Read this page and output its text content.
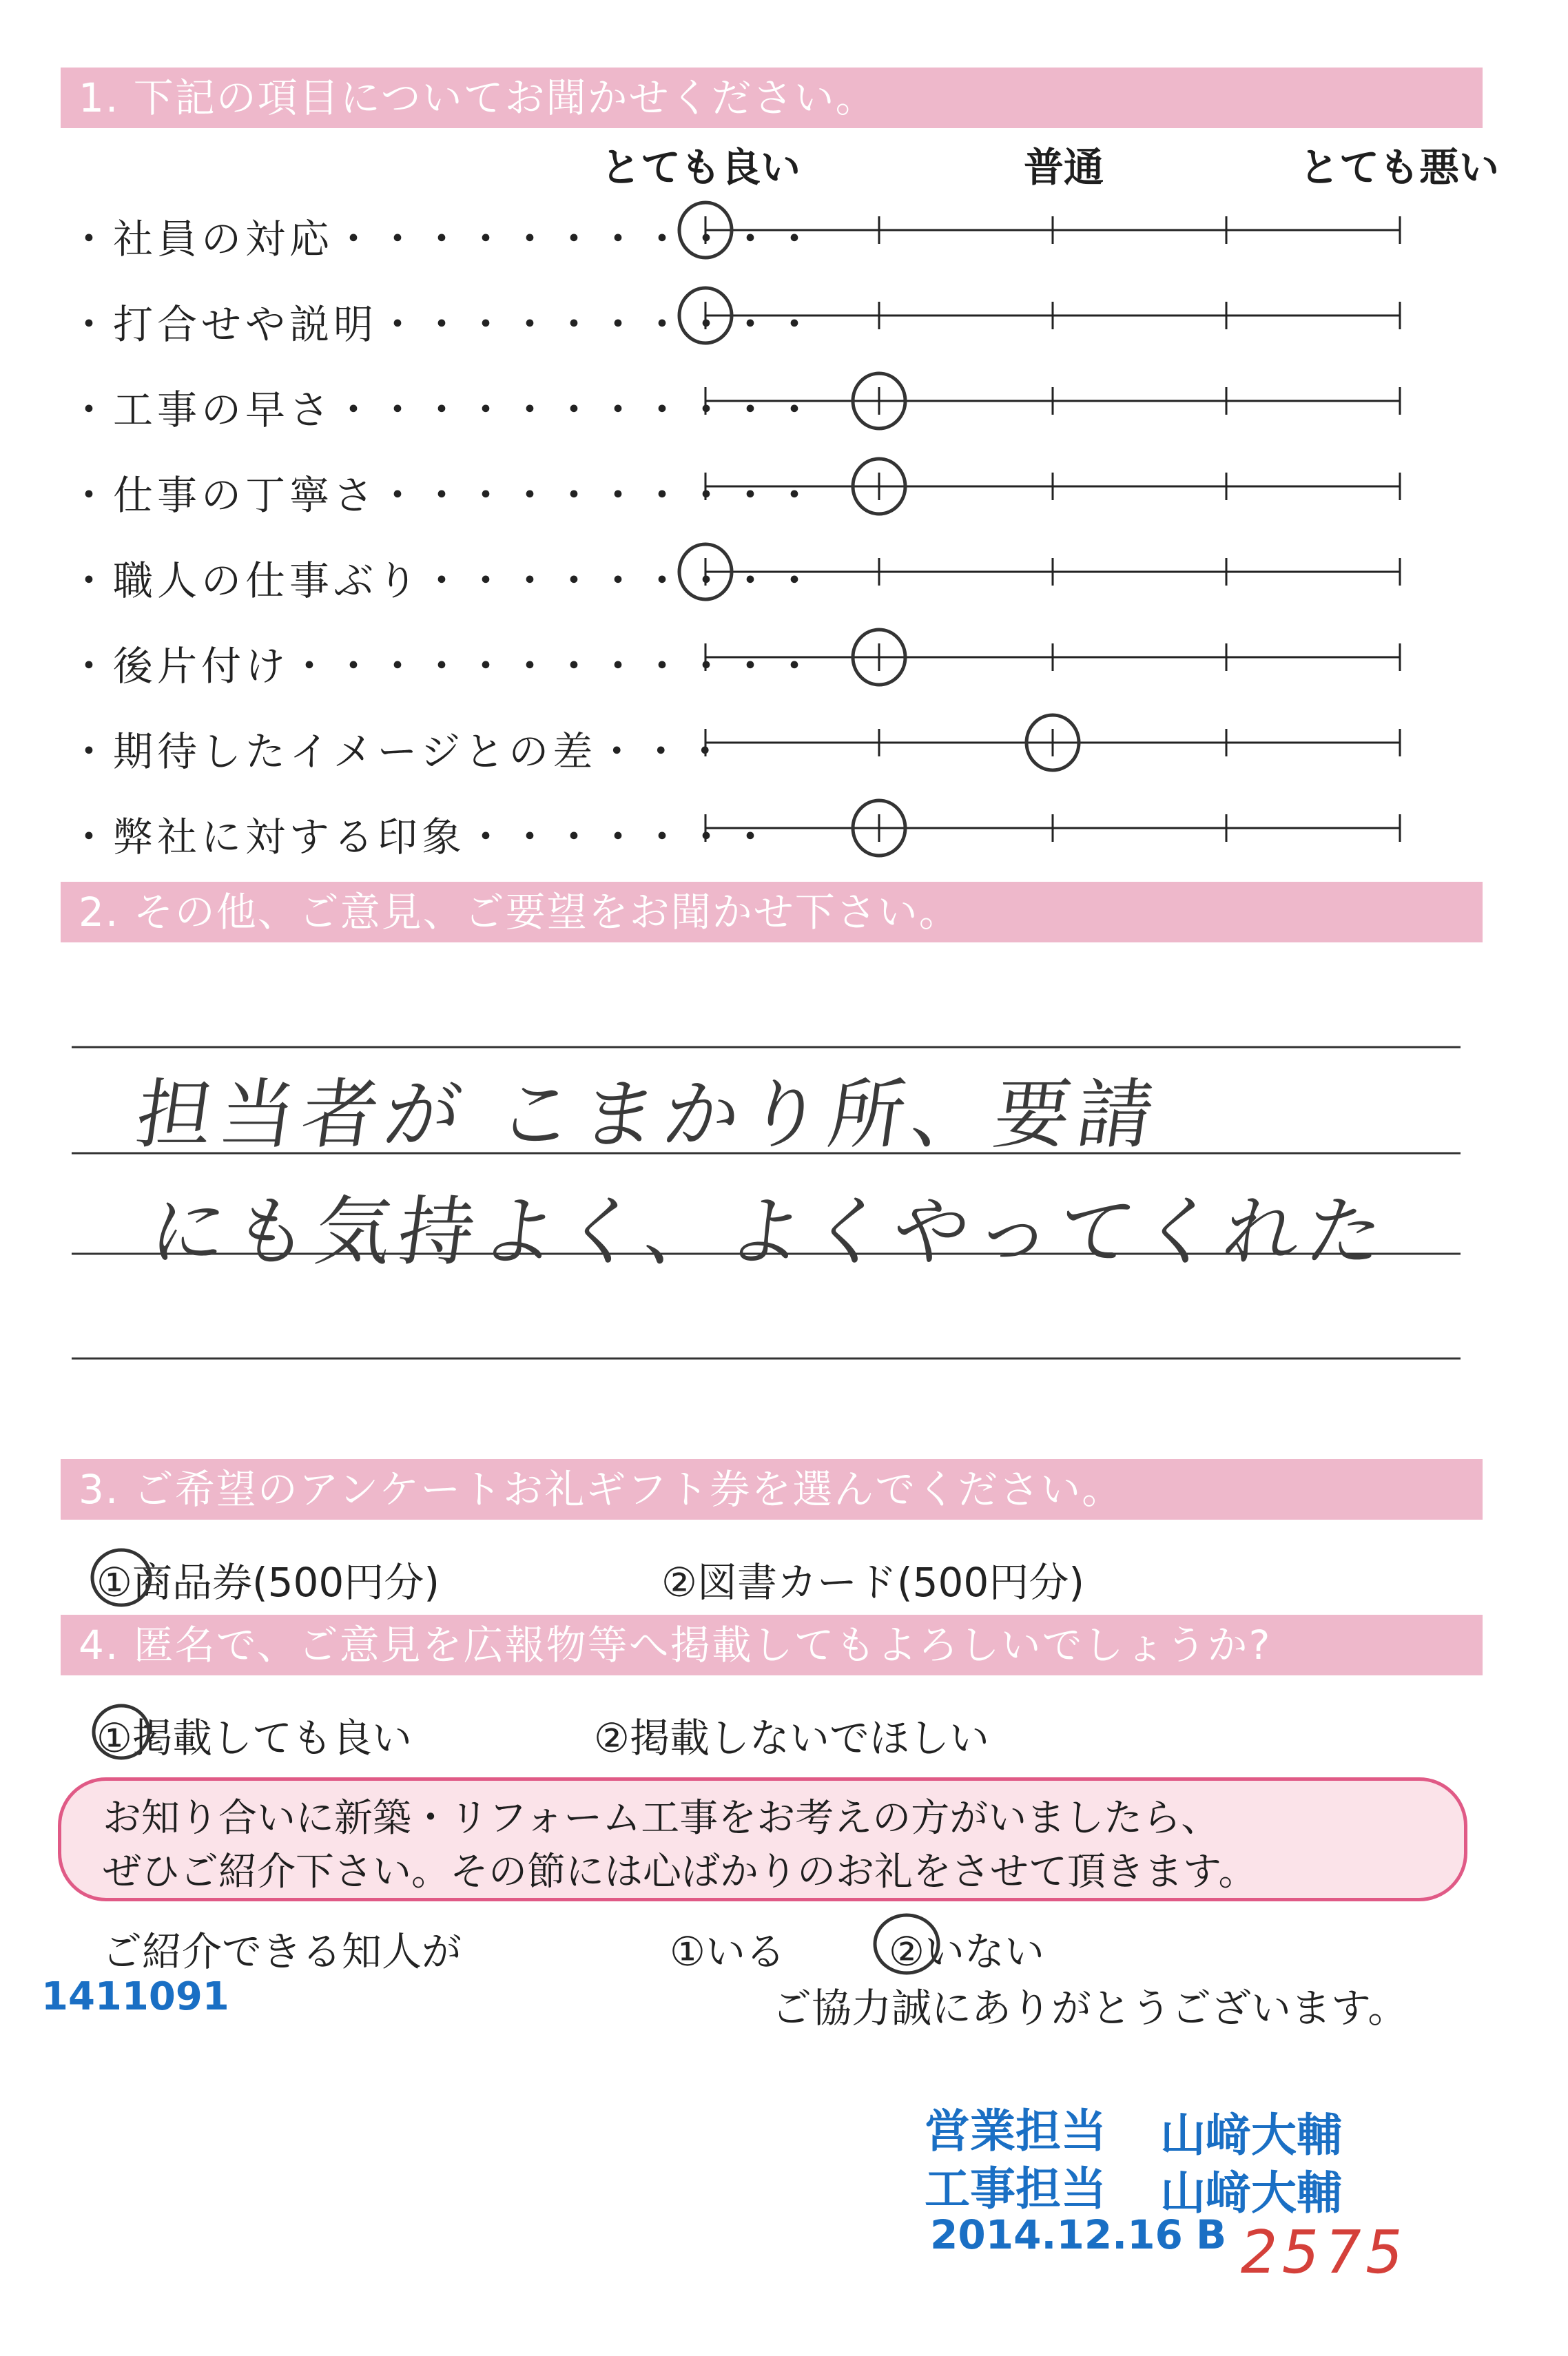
1. 下記の項目についてお聞かせください。
とても良い	普通	とても悪い
・社員の対応・・・・・・・・・・・
・打合せや説明・・・・・・・・・・
・工事の早さ・・・・・・・・・・・
・仕事の丁寧さ・・・・・・・・・・
・職人の仕事ぶり・・・・・・・・・
・後片付け・・・・・・・・・・・・
・期待したイメージとの差・・・
・弊社に対する印象・・・・・・・
2. その他、ご意見、ご要望をお聞かせ下さい。
担当者が こまかり所、要請
にも気持よく、よくやってくれた
3. ご希望のアンケートお礼ギフト券を選んでください。
①商品券(500円分)	②図書カード(500円分)
4. 匿名で、ご意見を広報物等へ掲載してもよろしいでしょうか?
①掲載しても良い	②掲載しないでほしい
お知り合いに新築・リフォーム工事をお考えの方がいましたら、
ぜひご紹介下さい。その節には心ばかりのお礼をさせて頂きます。
ご紹介できる知人が	①いる	②いない
1411091	ご協力誠にありがとうございます。
営業担当 山﨑大輔
工事担当 山﨑大輔
2014.12.16 B 2575
